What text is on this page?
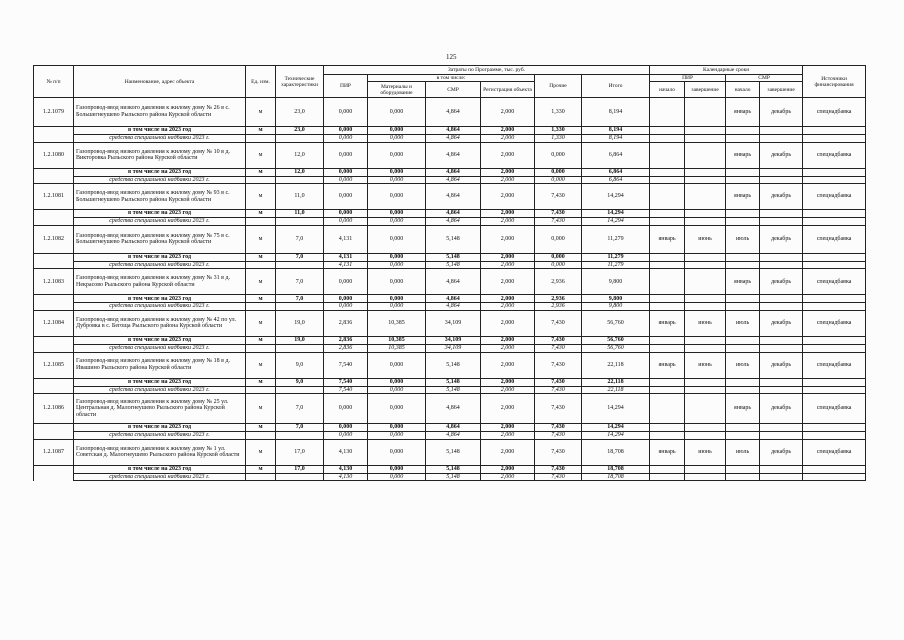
125
№ п/п	Наименование, адрес объекта	Ед. изм.	Технические характеристики	Затраты по Программе, тыс. руб.						Календарные сроки				Источники финансирования
				ПИР	в том числе:			Прочие	Итого	ПИР		СМР		
					Материалы и оборудование	СМР	Регистрация объекта			начало	завершение	начало	завершение	
1.2.1079	Газопровод-ввод низкого давления к жилому дому № 26 в с. Большегнеушево Рыльского района Курской области	м	23,0	0,000	0,000	4,864	2,000	1,330	8,194			январь	декабрь	спецнадбавка
	в том числе на 2023 год	м	23,0	0,000	0,000	4,864	2,000	1,330	8,194					
	средства специальной надбавки 2023 г.			0,000	0,000	4,864	2,000	1,330	8,194					
1.2.1080	Газопровод-ввод низкого давления к жилому дому № 10 в д. Викторовка Рыльского района Курской области	м	12,0	0,000	0,000	4,864	2,000	0,000	6,864			январь	декабрь	спецнадбавка
	в том числе на 2023 год	м	12,0	0,000	0,000	4,864	2,000	0,000	6,864					
	средства специальной надбавки 2023 г.			0,000	0,000	4,864	2,000	0,000	6,864					
1.2.1081	Газопровод-ввод низкого давления к жилому дому № 93 в с. Большегнеушево Рыльского района Курской области	м	11,0	0,000	0,000	4,864	2,000	7,430	14,294			январь	декабрь	спецнадбавка
	в том числе на 2023 год	м	11,0	0,000	0,000	4,864	2,000	7,430	14,294					
	средства специальной надбавки 2023 г.			0,000	0,000	4,864	2,000	7,430	14,294					
1.2.1082	Газопровод-ввод низкого давления к жилому дому № 75 в с. Большегнеушево Рыльского района Курской области	м	7,0	4,131	0,000	5,148	2,000	0,000	11,279	январь	июнь	июль	декабрь	спецнадбавка
	в том числе на 2023 год	м	7,0	4,131	0,000	5,148	2,000	0,000	11,279					
	средства специальной надбавки 2023 г.			4,131	0,000	5,148	2,000	0,000	11,279					
1.2.1083	Газопровод-ввод низкого давления к жилому дому № 31 в д. Некрасово Рыльского района Курской области	м	7,0	0,000	0,000	4,864	2,000	2,936	9,800			январь	декабрь	спецнадбавка
	в том числе на 2023 год	м	7,0	0,000	0,000	4,864	2,000	2,936	9,800					
	средства специальной надбавки 2023 г.			0,000	0,000	4,864	2,000	2,936	9,800					
1.2.1084	Газопровод-ввод низкого давления к жилому дому № 42 по ул. Дубровка в с. Бегоща Рыльского района Курской области	м	19,0	2,836	10,385	34,109	2,000	7,430	56,760	январь	июнь	июль	декабрь	спецнадбавка
	в том числе на 2023 год	м	19,0	2,836	10,385	34,109	2,000	7,430	56,760					
	средства специальной надбавки 2023 г.			2,836	10,385	34,109	2,000	7,430	56,760					
1.2.1085	Газопровод-ввод низкого давления к жилому дому № 18 в д. Ивашино Рыльского района Курской области	м	9,0	7,540	0,000	5,148	2,000	7,430	22,118	январь	июнь	июль	декабрь	спецнадбавка
	в том числе на 2023 год	м	9,0	7,540	0,000	5,148	2,000	7,430	22,118					
	средства специальной надбавки 2023 г.			7,540	0,000	5,148	2,000	7,430	22,118					
1.2.1086	Газопровод-ввод низкого давления к жилому дому № 25 ул. Центральная д. Малогнеушево Рыльского района Курской области	м	7,0	0,000	0,000	4,864	2,000	7,430	14,294			январь	декабрь	спецнадбавка
	в том числе на 2023 год	м	7,0	0,000	0,000	4,864	2,000	7,430	14,294					
	средства специальной надбавки 2023 г.			0,000	0,000	4,864	2,000	7,430	14,294					
1.2.1087	Газопровод-ввод низкого давления к жилому дому № 1 ул. Советская д. Малогнеушево Рыльского района Курской области	м	17,0	4,130	0,000	5,148	2,000	7,430	18,708	январь	июнь	июль	декабрь	спецнадбавка
	в том числе на 2023 год	м	17,0	4,130	0,000	5,148	2,000	7,430	18,708					
	средства специальной надбавки 2023 г.			4,130	0,000	5,148	2,000	7,430	18,708					
